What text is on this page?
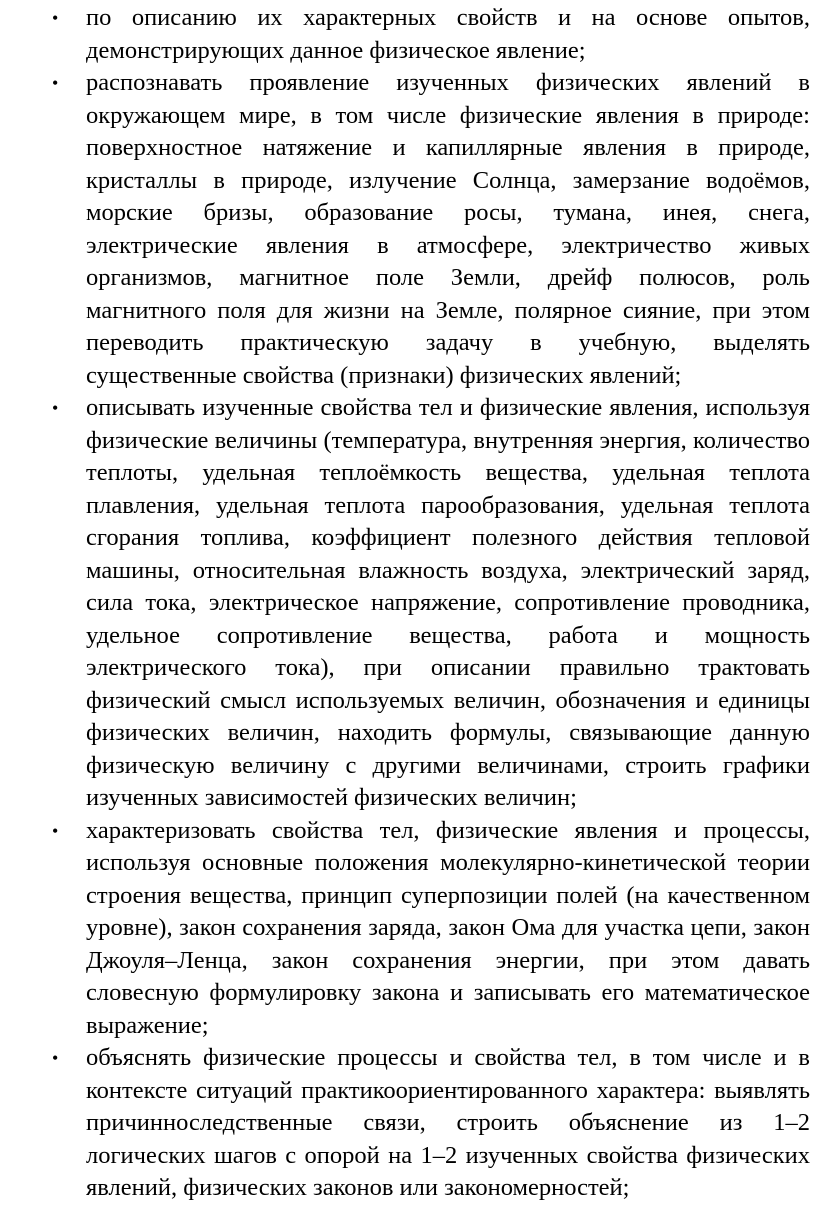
• по описанию их характерных свойств и на основе опытов, демонстрирующих данное физическое явление;
• распознавать проявление изученных физических явлений в окружающем мире, в том числе физические явления в природе: поверхностное натяжение и капиллярные явления в природе, кристаллы в природе, излучение Солнца, замерзание водоёмов, морские бризы, образование росы, тумана, инея, снега, электрические явления в атмосфере, электричество живых организмов, магнитное поле Земли, дрейф полюсов, роль магнитного поля для жизни на Земле, полярное сияние, при этом переводить практическую задачу в учебную, выделять существенные свойства (признаки) физических явлений;
• описывать изученные свойства тел и физические явления, используя физические величины (температура, внутренняя энергия, количество теплоты, удельная теплоёмкость вещества, удельная теплота плавления, удельная теплота парообразования, удельная теплота сгорания топлива, коэффициент полезного действия тепловой машины, относительная влажность воздуха, электрический заряд, сила тока, электрическое напряжение, сопротивление проводника, удельное сопротивление вещества, работа и мощность электрического тока), при описании правильно трактовать физический смысл используемых величин, обозначения и единицы физических величин, находить формулы, связывающие данную физическую величину с другими величинами, строить графики изученных зависимостей физических величин;
• характеризовать свойства тел, физические явления и процессы, используя основные положения молекулярно-кинетической теории строения вещества, принцип суперпозиции полей (на качественном уровне), закон сохранения заряда, закон Ома для участка цепи, закон Джоуля–Ленца, закон сохранения энергии, при этом давать словесную формулировку закона и записывать его математическое выражение;
• объяснять физические процессы и свойства тел, в том числе и в контексте ситуаций практикоориентированного характера: выявлять причинноследственные связи, строить объяснение из 1–2 логических шагов с опорой на 1–2 изученных свойства физических явлений, физических законов или закономерностей;
